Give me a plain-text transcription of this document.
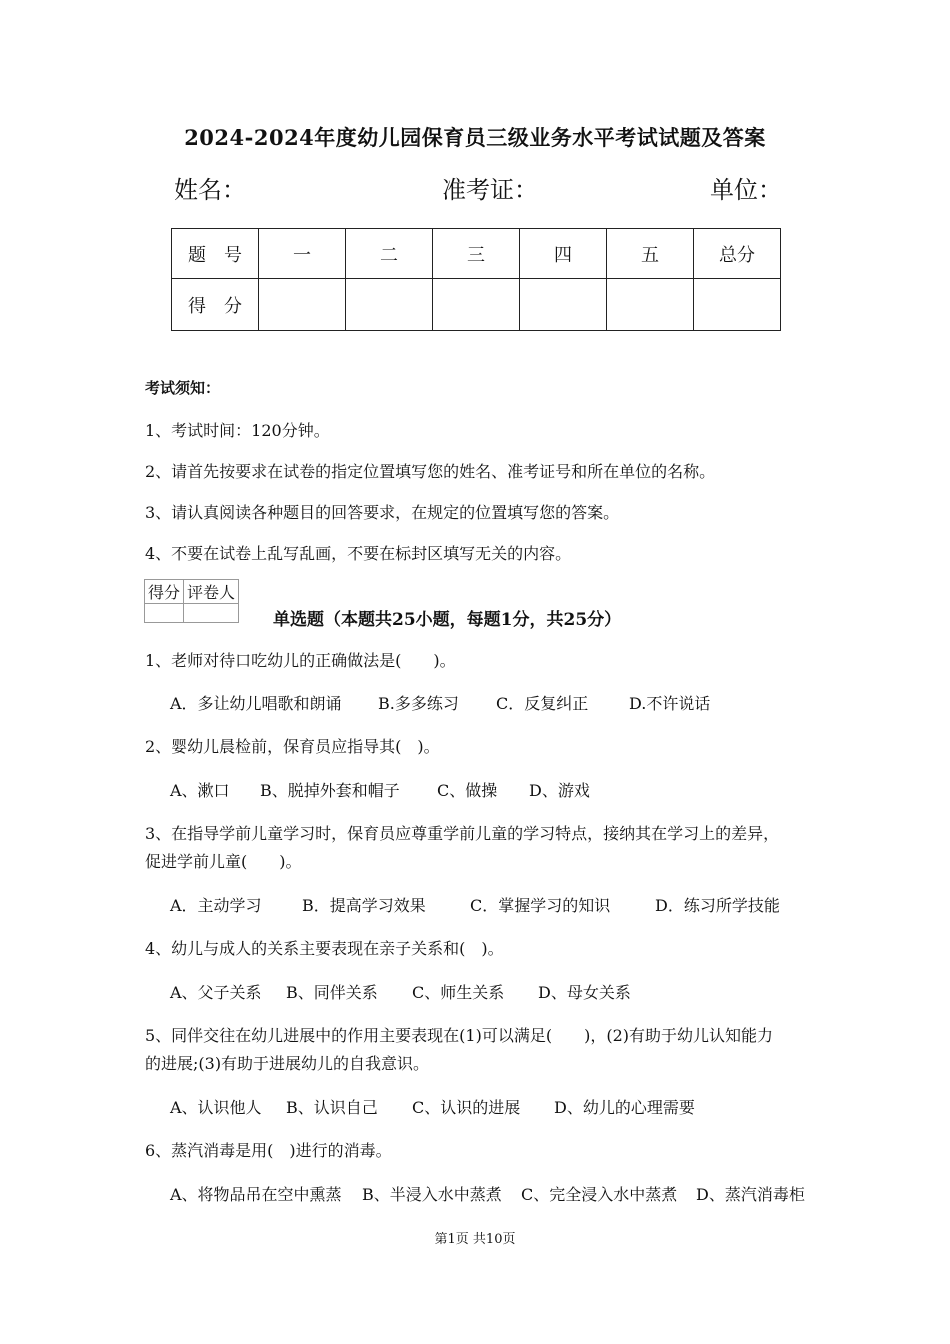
2024-2024年度幼儿园保育员三级业务水平考试试题及答案
姓名：	准考证：	单位：
题　号	一	二	三	四	五	总分
得　分						
考试须知：
1、考试时间：120分钟。
2、请首先按要求在试卷的指定位置填写您的姓名、准考证号和所在单位的名称。
3、请认真阅读各种题目的回答要求，在规定的位置填写您的答案。
4、不要在试卷上乱写乱画，不要在标封区填写无关的内容。
得分	评卷人

单选题（本题共25小题，每题1分，共25分）
1、老师对待口吃幼儿的正确做法是(　　)。
A．多让幼儿唱歌和朗诵 B.多多练习 C．反复纠正	D.不许说话
2、婴幼儿晨检前，保育员应指导其(　)。
A、漱口 B、脱掉外套和帽子 C、做操 D、游戏
3、在指导学前儿童学习时，保育员应尊重学前儿童的学习特点，接纳其在学习上的差异，
促进学前儿童(　　)。
A．主动学习	B．提高学习效果	C．掌握学习的知识	D．练习所学技能
4、幼儿与成人的关系主要表现在亲子关系和(　)。
A、父子关系 B、同伴关系 C、师生关系 D、母女关系
5、同伴交往在幼儿进展中的作用主要表现在(1)可以满足(　　)，(2)有助于幼儿认知能力
的进展;(3)有助于进展幼儿的自我意识。
A、认识他人 B、认识自己 C、认识的进展 D、幼儿的心理需要
6、蒸汽消毒是用(　)进行的消毒。
A、将物品吊在空中熏蒸 B、半浸入水中蒸煮 C、完全浸入水中蒸煮 D、蒸汽消毒柜
第1页 共10页
